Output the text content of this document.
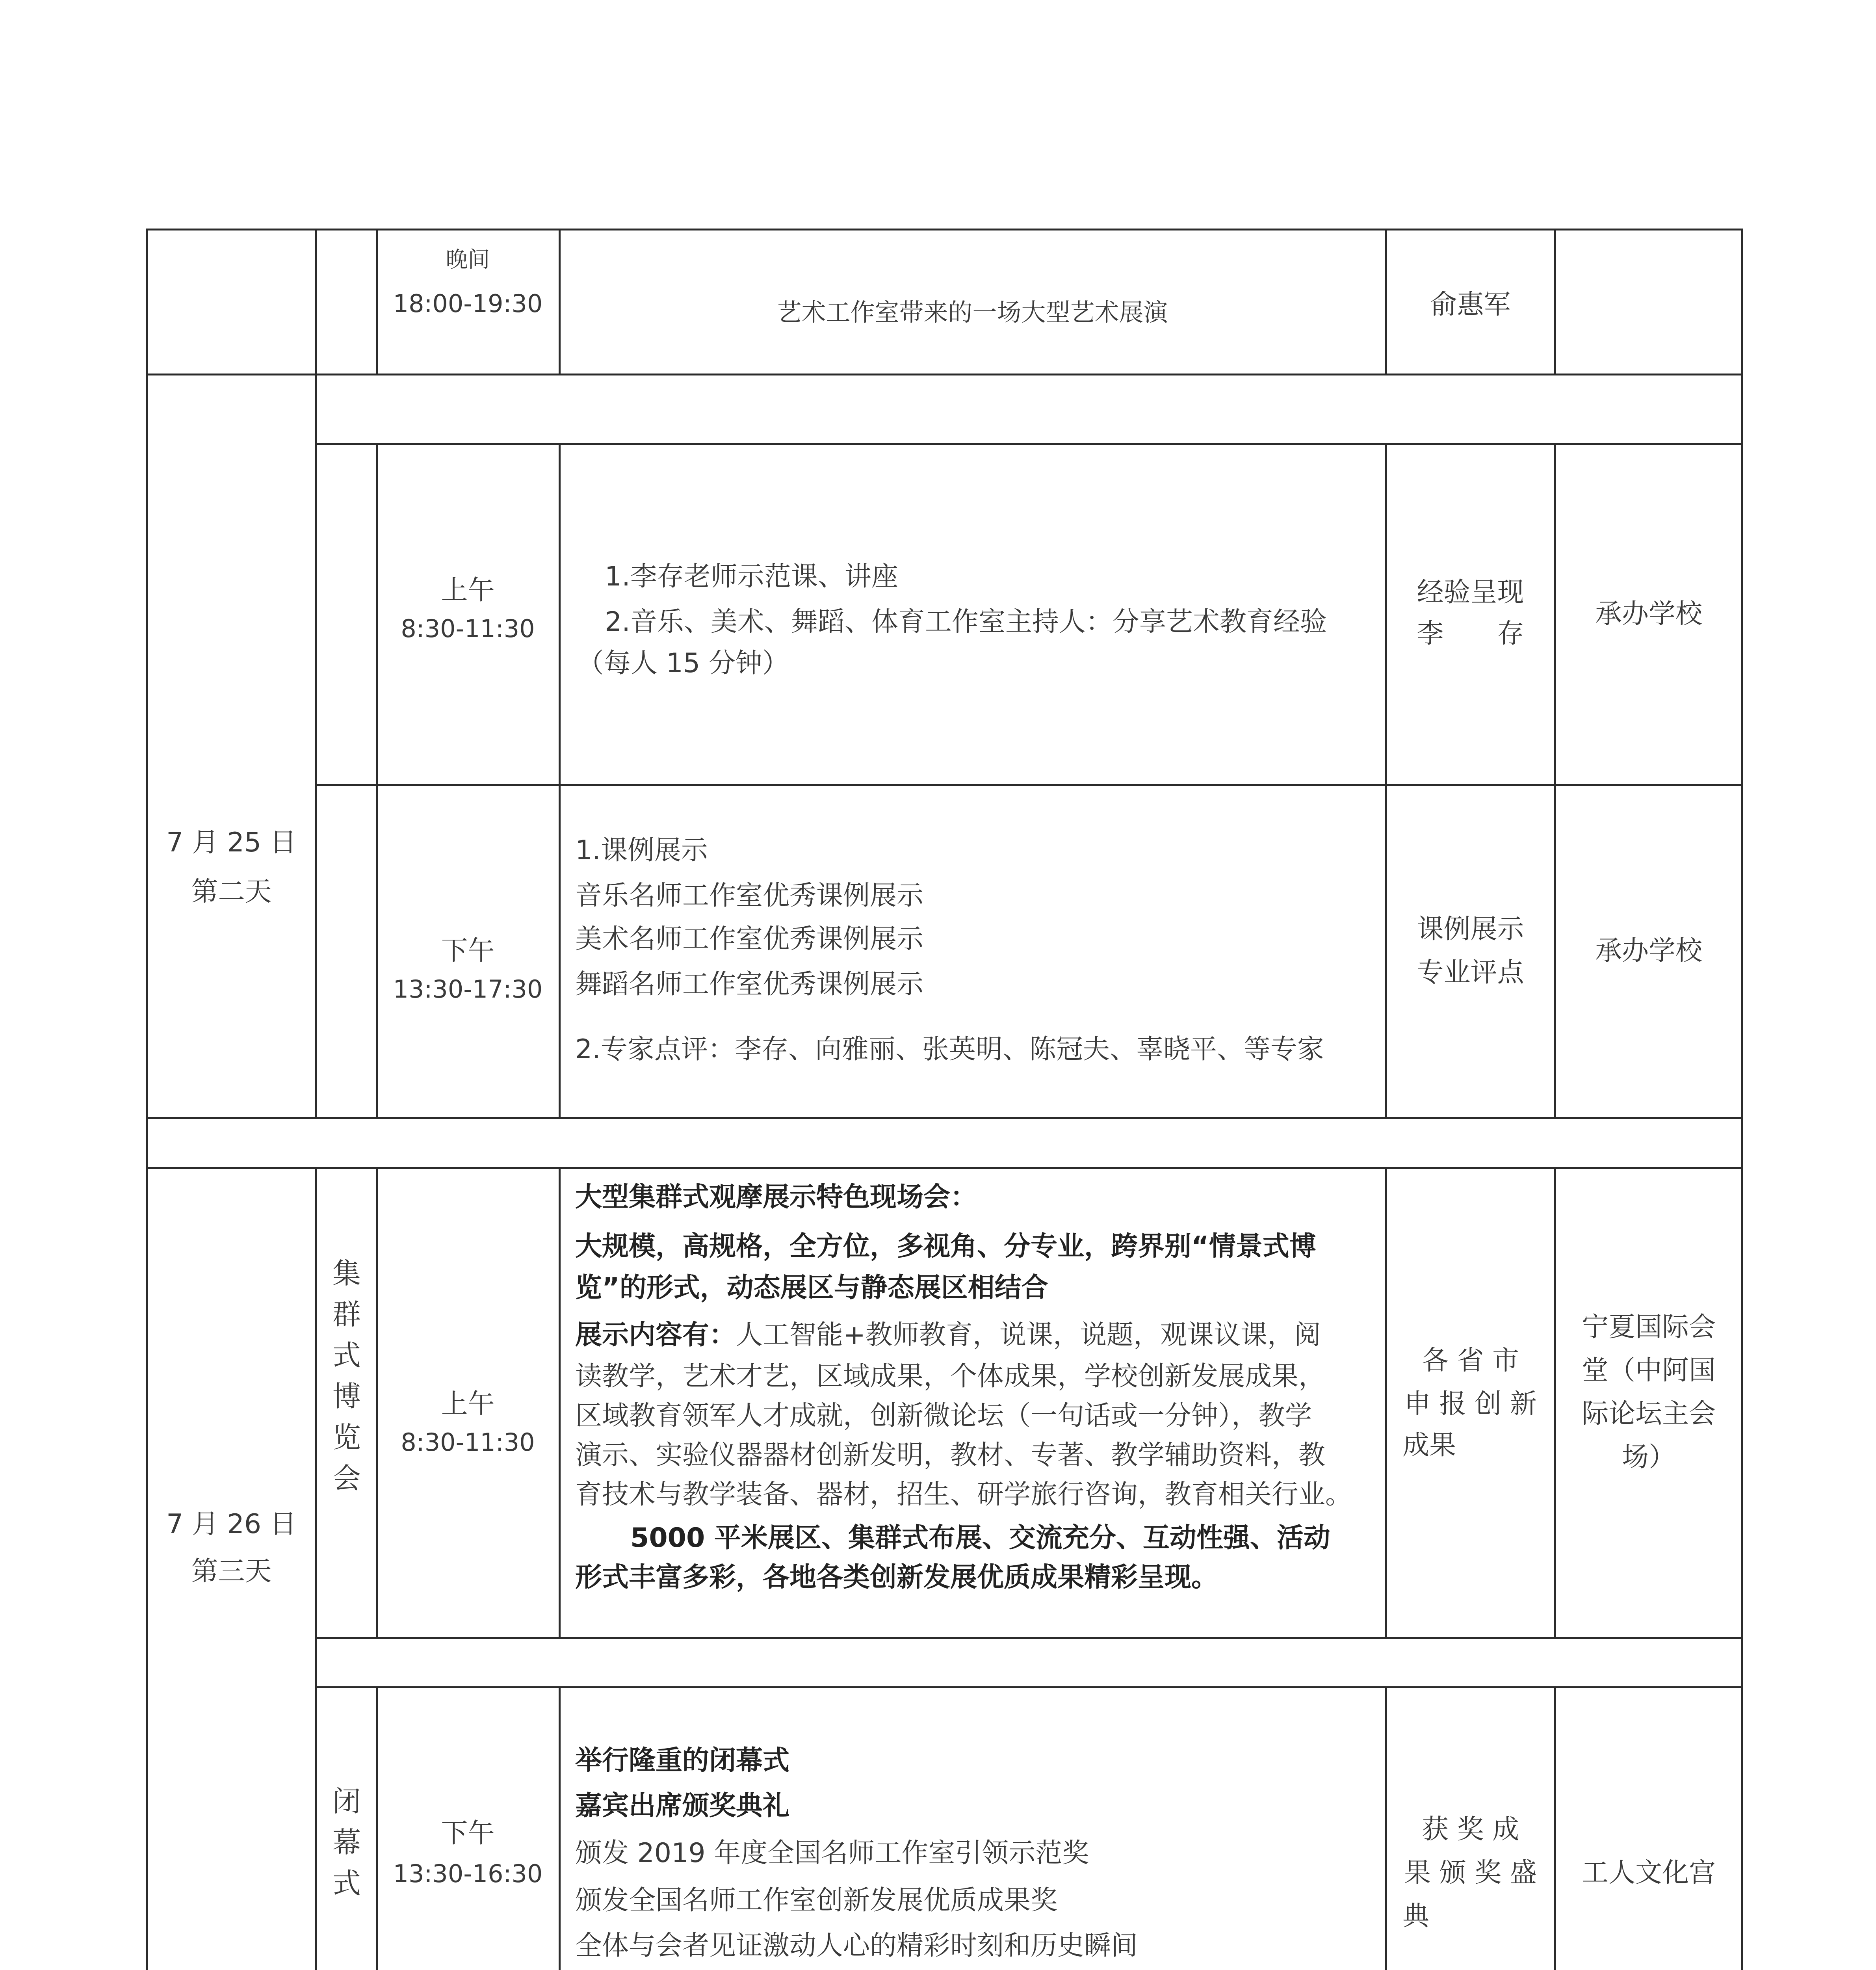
晚间
18:00-19:30	艺术工作室带来的一场大型艺术展演	俞惠军
7 月 25 日
第二天
上午
8:30-11:30
1.李存老师示范课、讲座
2.音乐、美术、舞蹈、体育工作室主持人：分享艺术教育经验
（每人 15 分钟）
经验呈现
李　　存
承办学校
下午
13:30-17:30
1.课例展示
音乐名师工作室优秀课例展示
美术名师工作室优秀课例展示
舞蹈名师工作室优秀课例展示
2.专家点评：李存、向雅丽、张英明、陈冠夫、辜晓平、等专家
课例展示
专业评点
承办学校
7 月 26 日
第三天
集
群
式
博
览
会
上午
8:30-11:30
大型集群式观摩展示特色现场会：
大规模，高规格，全方位，多视角、分专业，跨界别“情景式博
览”的形式，动态展区与静态展区相结合
展示内容有：人工智能+教师教育，说课，说题，观课议课，阅
读教学，艺术才艺，区域成果，个体成果，学校创新发展成果，
区域教育领军人才成就，创新微论坛（一句话或一分钟），教学
演示、实验仪器器材创新发明，教材、专著、教学辅助资料，教
育技术与教学装备、器材，招生、研学旅行咨询，教育相关行业。
5000 平米展区、集群式布展、交流充分、互动性强、活动
形式丰富多彩，各地各类创新发展优质成果精彩呈现。
各 省 市
申 报 创 新
成果
宁夏国际会
堂（中阿国
际论坛主会
场）
闭
幕
式
下午
13:30-16:30
举行隆重的闭幕式
嘉宾出席颁奖典礼
颁发 2019 年度全国名师工作室引领示范奖
颁发全国名师工作室创新发展优质成果奖
全体与会者见证激动人心的精彩时刻和历史瞬间
获 奖 成
果 颁 奖 盛
典
工人文化宫
